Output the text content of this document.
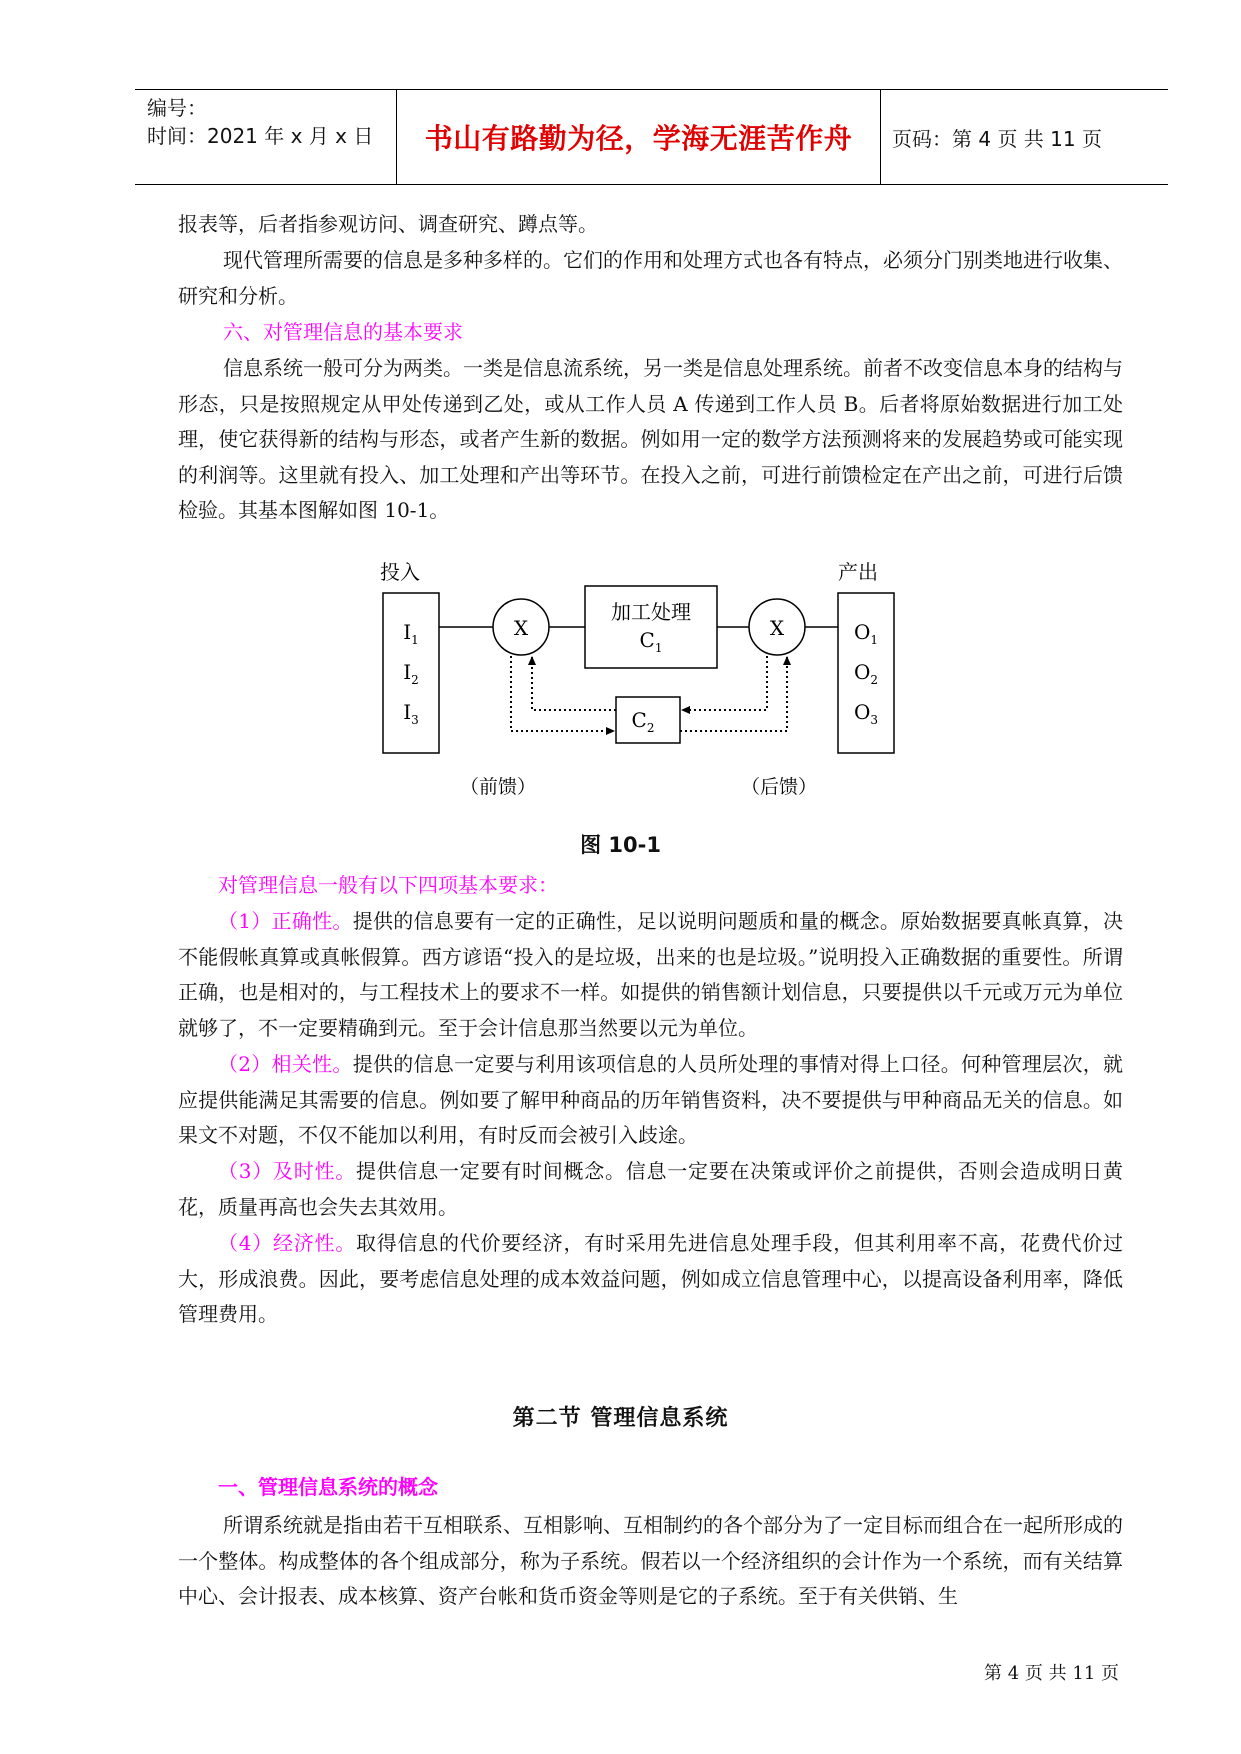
编号：
时间：2021 年 x 月 x 日	书山有路勤为径，学海无涯苦作舟	页码：第 4 页 共 11 页
报表等，后者指参观访问、调查研究、蹲点等。
现代管理所需要的信息是多种多样的。它们的作用和处理方式也各有特点，必须分门别类地进行收集、研究和分析。
六、对管理信息的基本要求
信息系统一般可分为两类。一类是信息流系统，另一类是信息处理系统。前者不改变信息本身的结构与形态，只是按照规定从甲处传递到乙处，或从工作人员 A 传递到工作人员 B。后者将原始数据进行加工处理，使它获得新的结构与形态，或者产生新的数据。例如用一定的数学方法预测将来的发展趋势或可能实现的利润等。这里就有投入、加工处理和产出等环节。在投入之前，可进行前馈检定在产出之前，可进行后馈检验。其基本图解如图 10-1。
投入	产出
$I_1$
$I_2$
$I_3$
$O_1$
$O_2$
$O_3$
X
加工处理
$C_1$
X
$C_2$
（前馈）	（后馈）
图 10-1
对管理信息一般有以下四项基本要求：
（1）正确性。提供的信息要有一定的正确性，足以说明问题质和量的概念。原始数据要真帐真算，决不能假帐真算或真帐假算。西方谚语“投入的是垃圾，出来的也是垃圾。”说明投入正确数据的重要性。所谓正确，也是相对的，与工程技术上的要求不一样。如提供的销售额计划信息，只要提供以千元或万元为单位就够了，不一定要精确到元。至于会计信息那当然要以元为单位。
（2）相关性。提供的信息一定要与利用该项信息的人员所处理的事情对得上口径。何种管理层次，就应提供能满足其需要的信息。例如要了解甲种商品的历年销售资料，决不要提供与甲种商品无关的信息。如果文不对题，不仅不能加以利用，有时反而会被引入歧途。
（3）及时性。提供信息一定要有时间概念。信息一定要在决策或评价之前提供，否则会造成明日黄花，质量再高也会失去其效用。
（4）经济性。取得信息的代价要经济，有时采用先进信息处理手段，但其利用率不高，花费代价过大，形成浪费。因此，要考虑信息处理的成本效益问题，例如成立信息管理中心，以提高设备利用率，降低管理费用。
第二节 管理信息系统
一、管理信息系统的概念
所谓系统就是指由若干互相联系、互相影响、互相制约的各个部分为了一定目标而组合在一起所形成的一个整体。构成整体的各个组成部分，称为子系统。假若以一个经济组织的会计作为一个系统，而有关结算中心、会计报表、成本核算、资产台帐和货币资金等则是它的子系统。至于有关供销、生
第 4 页 共 11 页
